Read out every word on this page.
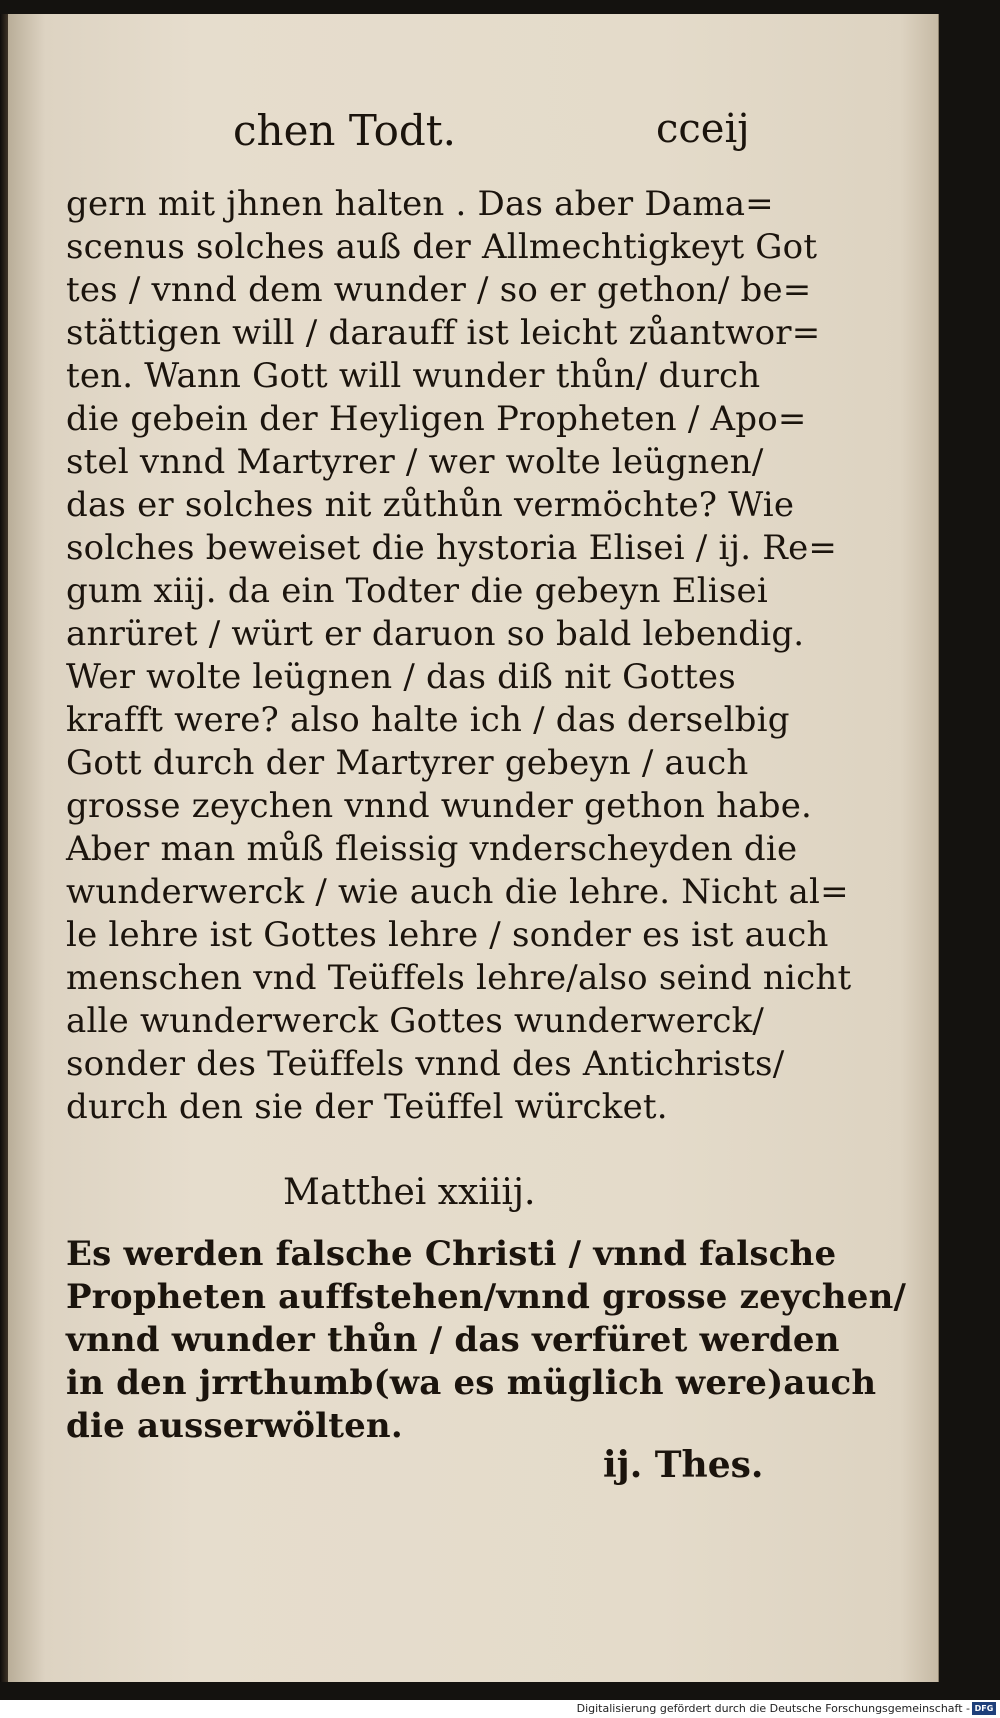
chen Todt.	cceij
gern mit jhnen halten . Das aber Dama=
scenus solches auß der Allmechtigkeyt Got
tes / vnnd dem wunder / so er gethon/ be=
stättigen will / darauff ist leicht zůantwor=
ten. Wann Gott will wunder thůn/ durch
die gebein der Heyligen Propheten / Apo=
stel vnnd Martyrer / wer wolte leügnen/
das er solches nit zůthůn vermöchte? Wie
solches beweiset die hystoria Elisei / ij. Re=
gum xiij. da ein Todter die gebeyn Elisei
anrüret / würt er daruon so bald lebendig.
Wer wolte leügnen / das diß nit Gottes
krafft were? also halte ich / das derselbig
Gott durch der Martyrer gebeyn / auch
grosse zeychen vnnd wunder gethon habe.
Aber man můß fleissig vnderscheyden die
wunderwerck / wie auch die lehre. Nicht al=
le lehre ist Gottes lehre / sonder es ist auch
menschen vnd Teüffels lehre/also seind nicht
alle wunderwerck Gottes wunderwerck/
sonder des Teüffels vnnd des Antichrists/
durch den sie der Teüffel würcket.
Matthei xxiiij.
Es werden falsche Christi / vnnd falsche
Propheten auffstehen/vnnd grosse zeychen/
vnnd wunder thůn / das verfüret werden
in den jrrthumb(wa es müglich were)auch
die ausserwölten.
ij. Thes.
Digitalisierung gefördert durch die Deutsche Forschungsgemeinschaft - DFG
